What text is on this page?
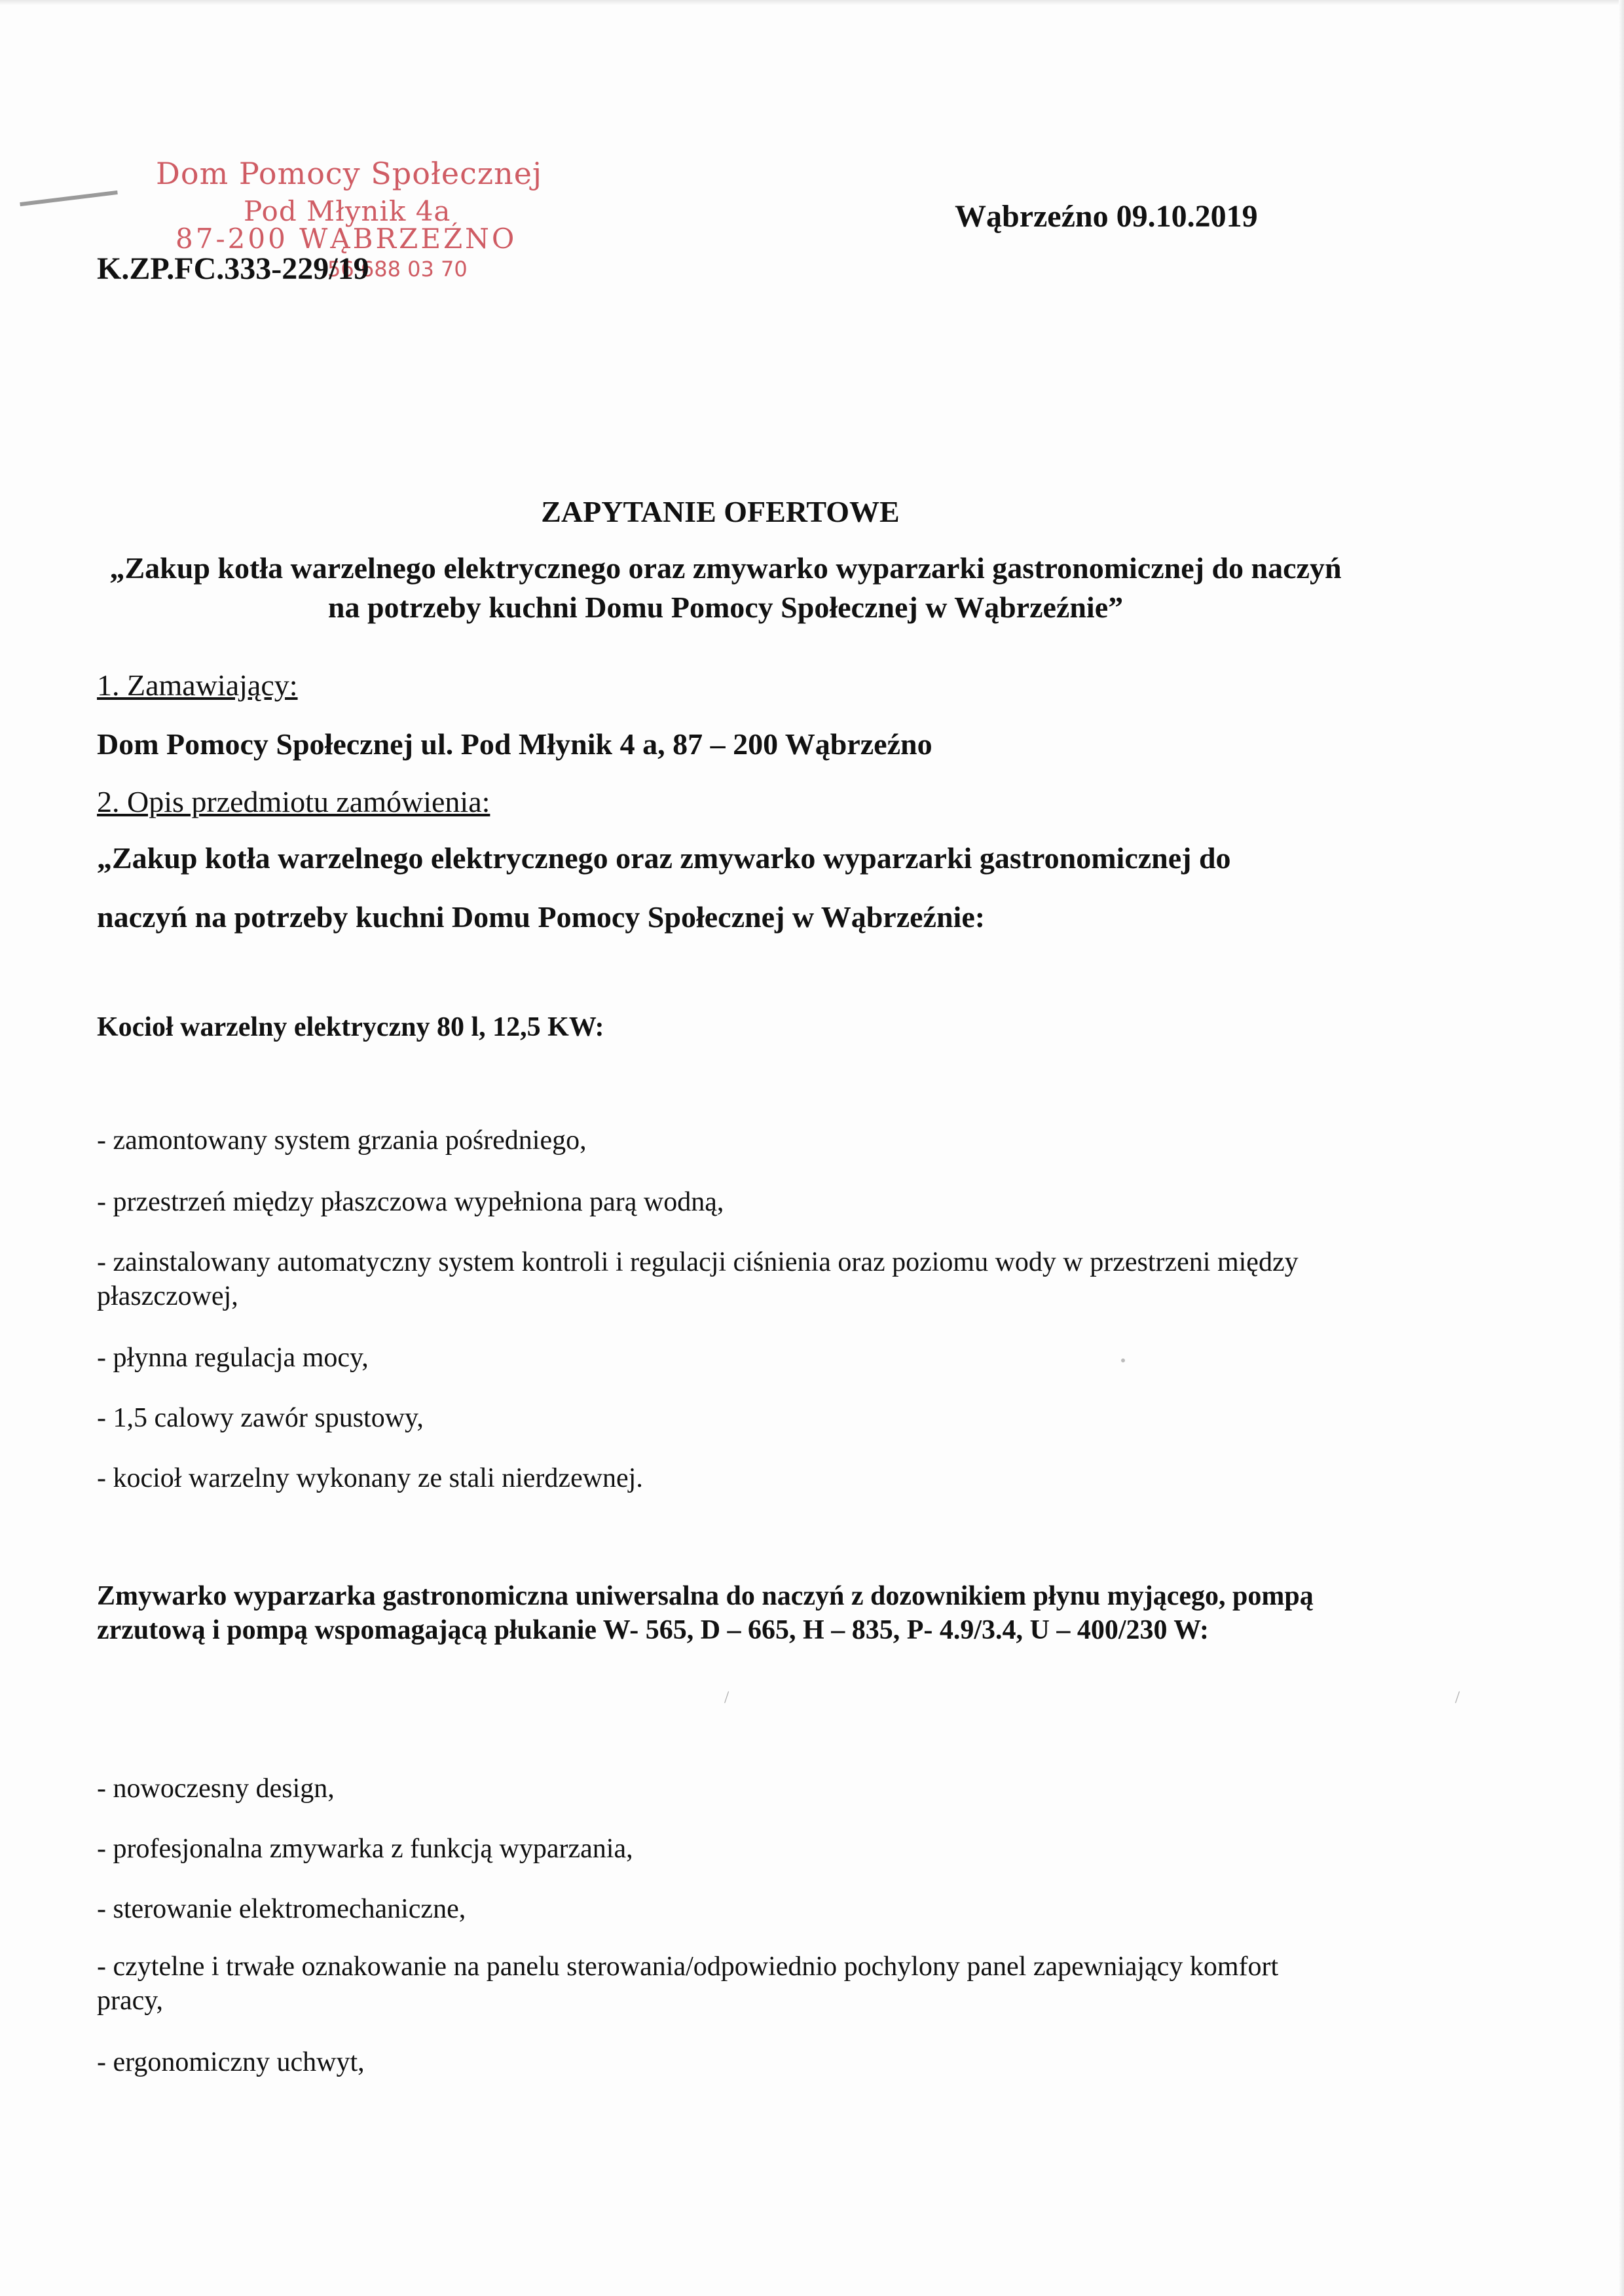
Dom Pomocy Społecznej
Pod Młynik 4a
87-200 WĄBRZEŹNO
56 688 03 70
K.ZP.FC.333-229/19
Wąbrzeźno 09.10.2019
ZAPYTANIE OFERTOWE
„Zakup kotła warzelnego elektrycznego oraz zmywarko wyparzarki gastronomicznej do naczyń na potrzeby kuchni Domu Pomocy Społecznej w Wąbrzeźnie”
1. Zamawiający:
Dom Pomocy Społecznej ul. Pod Młynik 4 a, 87 – 200 Wąbrzeźno
2. Opis przedmiotu zamówienia:
„Zakup kotła warzelnego elektrycznego oraz zmywarko wyparzarki gastronomicznej do
naczyń na potrzeby kuchni Domu Pomocy Społecznej w Wąbrzeźnie:
Kocioł warzelny elektryczny 80 l, 12,5 KW:
- zamontowany system grzania pośredniego,
- przestrzeń między płaszczowa wypełniona parą wodną,
- zainstalowany automatyczny system kontroli i regulacji ciśnienia oraz poziomu wody w przestrzeni między płaszczowej,
- płynna regulacja mocy,
- 1,5 calowy zawór spustowy,
- kocioł warzelny wykonany ze stali nierdzewnej.
Zmywarko wyparzarka gastronomiczna uniwersalna do naczyń z dozownikiem płynu myjącego, pompą zrzutową i pompą wspomagającą płukanie W- 565, D – 665, H – 835, P- 4.9/3.4, U – 400/230 W:
- nowoczesny design,
- profesjonalna zmywarka z funkcją wyparzania,
- sterowanie elektromechaniczne,
- czytelne i trwałe oznakowanie na panelu sterowania/odpowiednio pochylony panel zapewniający komfort pracy,
- ergonomiczny uchwyt,
/	/
